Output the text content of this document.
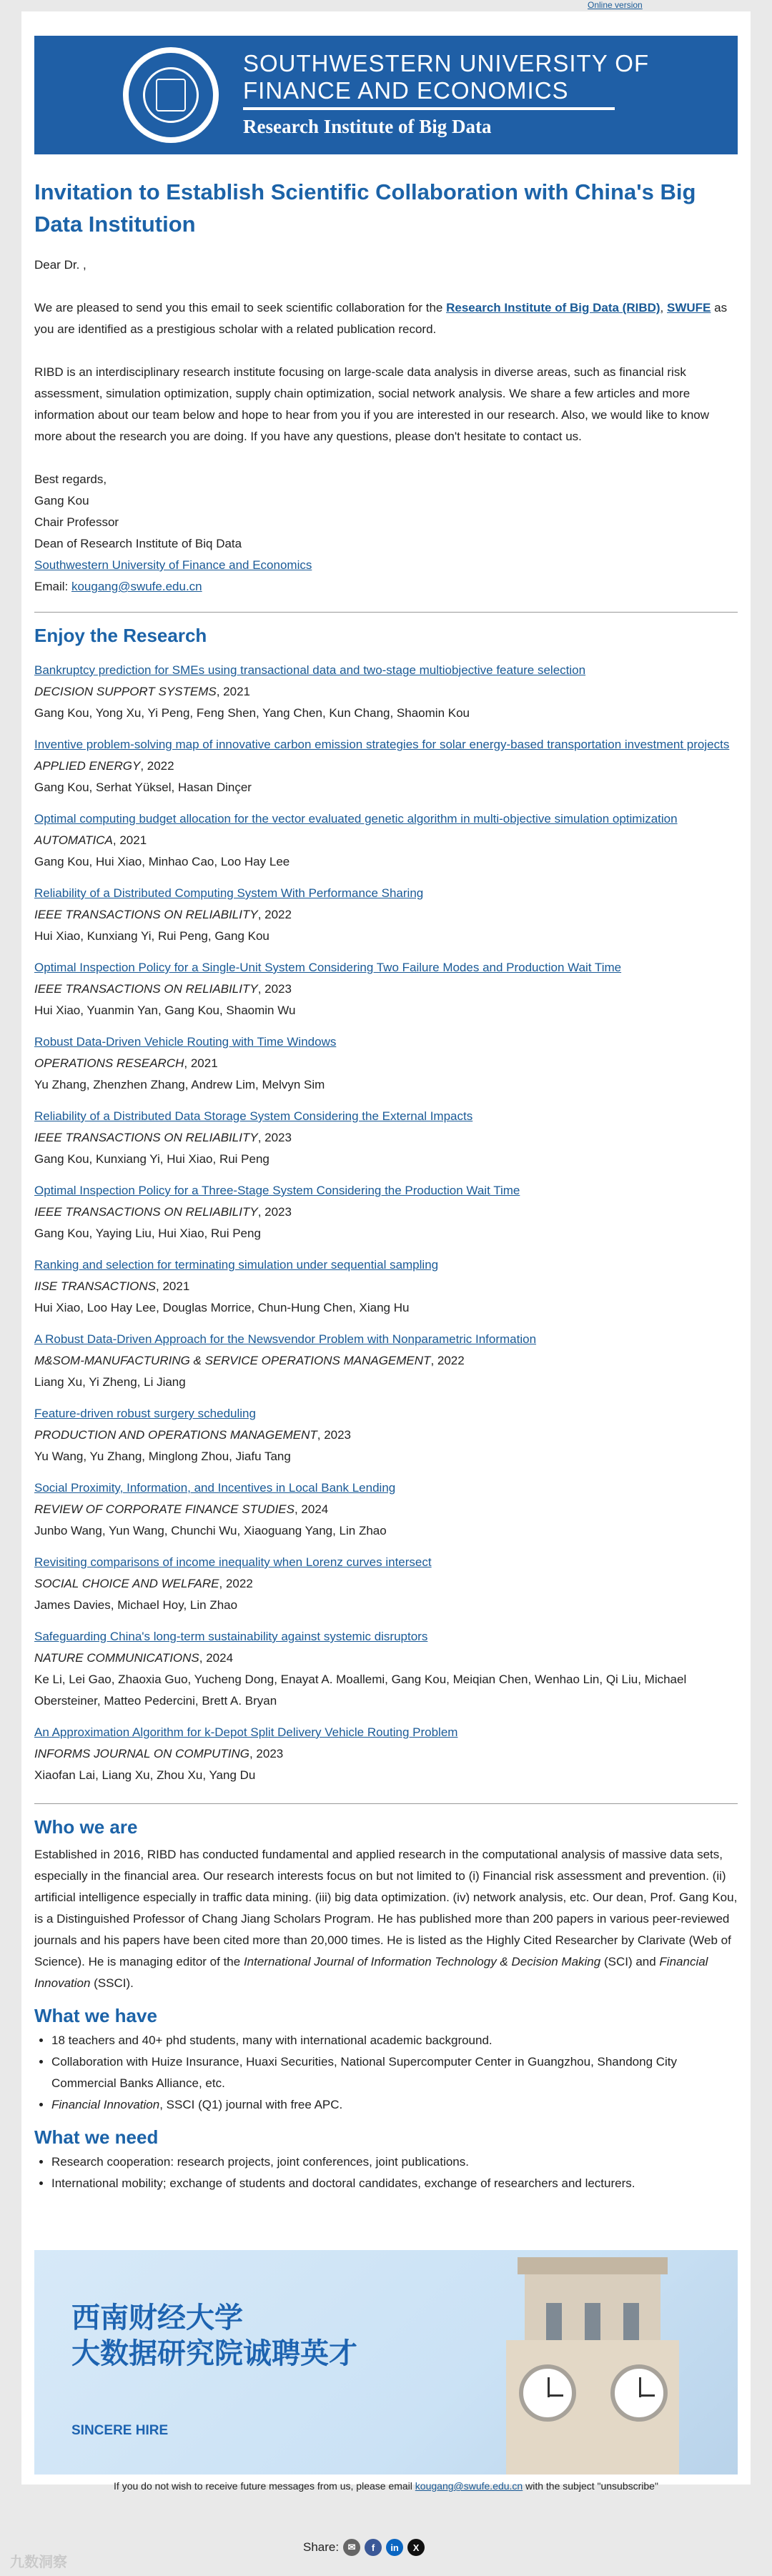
Online version
SOUTHWESTERN UNIVERSITY OF
FINANCE AND ECONOMICS
Research Institute of Big Data
Invitation to Establish Scientific Collaboration with China's Big Data Institution
Dear Dr. ,
We are pleased to send you this email to seek scientific collaboration for the Research Institute of Big Data (RIBD), SWUFE as you are identified as a prestigious scholar with a related publication record.
RIBD is an interdisciplinary research institute focusing on large-scale data analysis in diverse areas, such as financial risk assessment, simulation optimization, supply chain optimization, social network analysis. We share a few articles and more information about our team below and hope to hear from you if you are interested in our research. Also, we would like to know more about the research you are doing. If you have any questions, please don't hesitate to contact us.
Best regards,
Gang Kou
Chair Professor
Dean of Research Institute of Biq Data
Southwestern University of Finance and Economics
Email: kougang@swufe.edu.cn
Enjoy the Research
Bankruptcy prediction for SMEs using transactional data and two-stage multiobjective feature selection
DECISION SUPPORT SYSTEMS, 2021
Gang Kou, Yong Xu, Yi Peng, Feng Shen, Yang Chen, Kun Chang, Shaomin Kou
Inventive problem-solving map of innovative carbon emission strategies for solar energy-based transportation investment projects
APPLIED ENERGY, 2022
Gang Kou, Serhat Yüksel, Hasan Dinçer
Optimal computing budget allocation for the vector evaluated genetic algorithm in multi-objective simulation optimization
AUTOMATICA, 2021
Gang Kou, Hui Xiao, Minhao Cao, Loo Hay Lee
Reliability of a Distributed Computing System With Performance Sharing
IEEE TRANSACTIONS ON RELIABILITY, 2022
Hui Xiao, Kunxiang Yi, Rui Peng, Gang Kou
Optimal Inspection Policy for a Single-Unit System Considering Two Failure Modes and Production Wait Time
IEEE TRANSACTIONS ON RELIABILITY, 2023
Hui Xiao, Yuanmin Yan, Gang Kou, Shaomin Wu
Robust Data-Driven Vehicle Routing with Time Windows
OPERATIONS RESEARCH, 2021
Yu Zhang, Zhenzhen Zhang, Andrew Lim, Melvyn Sim
Reliability of a Distributed Data Storage System Considering the External Impacts
IEEE TRANSACTIONS ON RELIABILITY, 2023
Gang Kou, Kunxiang Yi, Hui Xiao, Rui Peng
Optimal Inspection Policy for a Three-Stage System Considering the Production Wait Time
IEEE TRANSACTIONS ON RELIABILITY, 2023
Gang Kou, Yaying Liu, Hui Xiao, Rui Peng
Ranking and selection for terminating simulation under sequential sampling
IISE TRANSACTIONS, 2021
Hui Xiao, Loo Hay Lee, Douglas Morrice, Chun-Hung Chen, Xiang Hu
A Robust Data-Driven Approach for the Newsvendor Problem with Nonparametric Information
M&SOM-MANUFACTURING & SERVICE OPERATIONS MANAGEMENT, 2022
Liang Xu, Yi Zheng, Li Jiang
Feature-driven robust surgery scheduling
PRODUCTION AND OPERATIONS MANAGEMENT, 2023
Yu Wang, Yu Zhang, Minglong Zhou, Jiafu Tang
Social Proximity, Information, and Incentives in Local Bank Lending
REVIEW OF CORPORATE FINANCE STUDIES, 2024
Junbo Wang, Yun Wang, Chunchi Wu, Xiaoguang Yang, Lin Zhao
Revisiting comparisons of income inequality when Lorenz curves intersect
SOCIAL CHOICE AND WELFARE, 2022
James Davies, Michael Hoy, Lin Zhao
Safeguarding China's long-term sustainability against systemic disruptors
NATURE COMMUNICATIONS, 2024
Ke Li, Lei Gao, Zhaoxia Guo, Yucheng Dong, Enayat A. Moallemi, Gang Kou, Meiqian Chen, Wenhao Lin, Qi Liu, Michael Obersteiner, Matteo Pedercini, Brett A. Bryan
An Approximation Algorithm for k-Depot Split Delivery Vehicle Routing Problem
INFORMS JOURNAL ON COMPUTING, 2023
Xiaofan Lai, Liang Xu, Zhou Xu, Yang Du
Who we are
Established in 2016, RIBD has conducted fundamental and applied research in the computational analysis of massive data sets, especially in the financial area. Our research interests focus on but not limited to (i) Financial risk assessment and prevention. (ii) artificial intelligence especially in traffic data mining. (iii) big data optimization. (iv) network analysis, etc. Our dean, Prof. Gang Kou, is a Distinguished Professor of Chang Jiang Scholars Program. He has published more than 200 papers in various peer-reviewed journals and his papers have been cited more than 20,000 times. He is listed as the Highly Cited Researcher by Clarivate (Web of Science). He is managing editor of the International Journal of Information Technology & Decision Making (SCI) and Financial Innovation (SSCI).
What we have
• 18 teachers and 40+ phd students, many with international academic background.
• Collaboration with Huize Insurance, Huaxi Securities, National Supercomputer Center in Guangzhou, Shandong City Commercial Banks Alliance, etc.
• Financial Innovation, SSCI (Q1) journal with free APC.
What we need
• Research cooperation: research projects, joint conferences, joint publications.
• International mobility; exchange of students and doctoral candidates, exchange of researchers and lecturers.
西南财经大学
大数据研究院诚聘英才
SINCERE HIRE
If you do not wish to receive future messages from us, please email kougang@swufe.edu.cn with the subject "unsubscribe"
Share: ✉	f	in	X
九数洞察
